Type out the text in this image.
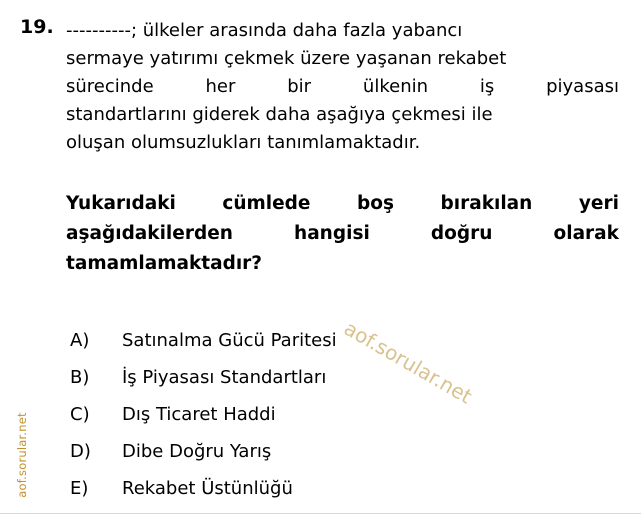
aof.sorular.net
aof.sorular.net
19. ----------; ülkeler arasında daha fazla yabancı
sermaye yatırımı çekmek üzere yaşanan rekabet
sürecinde	her	bir	ülkenin	iş	piyasası
standartlarını giderek daha aşağıya çekmesi ile
oluşan olumsuzlukları tanımlamaktadır.
Yukarıdaki	cümlede	boş	bırakılan	yeri
aşağıdakilerden	hangisi	doğru	olarak
tamamlamaktadır?
A)	Satınalma Gücü Paritesi
B)	İş Piyasası Standartları
C)	Dış Ticaret Haddi
D)	Dibe Doğru Yarış
E)	Rekabet Üstünlüğü
